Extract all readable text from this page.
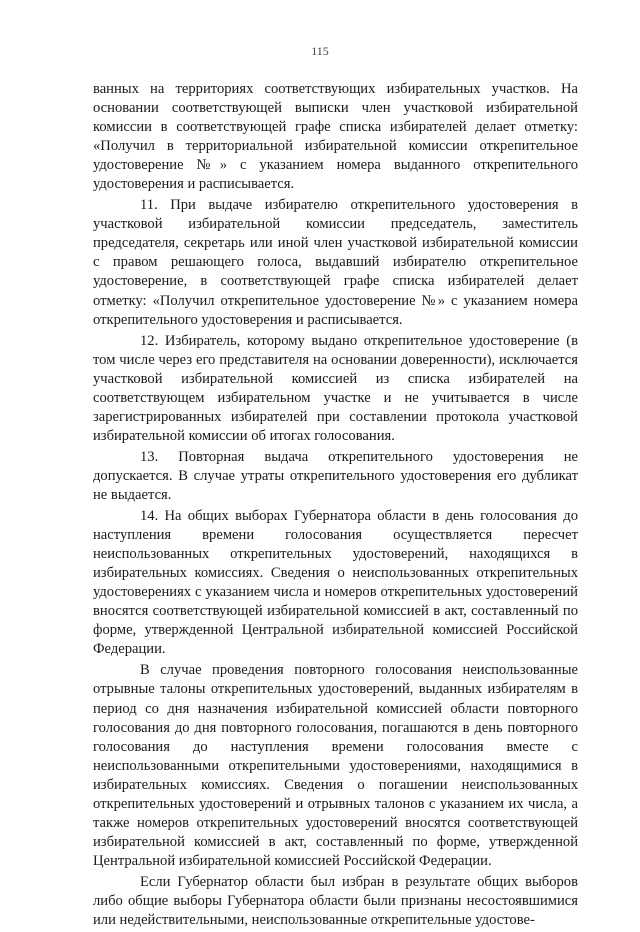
115

ванных на территориях соответствующих избирательных участков. На основании соответствующей выписки член участковой избирательной комиссии в соответствующей графе списка избирателей делает отметку: «Получил в территориальной избирательной комиссии открепительное удостоверение №» с указанием номера выданного открепительного удостоверения и расписывается.

11. При выдаче избирателю открепительного удостоверения в участковой избирательной комиссии председатель, заместитель председателя, секретарь или иной член участковой избирательной комиссии с правом решающего голоса, выдавший избирателю открепительное удостоверение, в соответствующей графе списка избирателей делает отметку: «Получил открепительное удостоверение №» с указанием номера открепительного удостоверения и расписывается.

12. Избиратель, которому выдано открепительное удостоверение (в том числе через его представителя на основании доверенности), исключается участковой избирательной комиссией из списка избирателей на соответствующем избирательном участке и не учитывается в числе зарегистрированных избирателей при составлении протокола участковой избирательной комиссии об итогах голосования.

13. Повторная выдача открепительного удостоверения не допускается. В случае утраты открепительного удостоверения его дубликат не выдается.

14. На общих выборах Губернатора области в день голосования до наступления времени голосования осуществляется пересчет неиспользованных открепительных удостоверений, находящихся в избирательных комиссиях. Сведения о неиспользованных открепительных удостоверениях с указанием числа и номеров открепительных удостоверений вносятся соответствующей избирательной комиссией в акт, составленный по форме, утвержденной Центральной избирательной комиссией Российской Федерации.

В случае проведения повторного голосования неиспользованные отрывные талоны открепительных удостоверений, выданных избирателям в период со дня назначения избирательной комиссией области повторного голосования до дня повторного голосования, погашаются в день повторного голосования до наступления времени голосования вместе с неиспользованными открепительными удостоверениями, находящимися в избирательных комиссиях. Сведения о погашении неиспользованных открепительных удостоверений и отрывных талонов с указанием их числа, а также номеров открепительных удостоверений вносятся соответствующей избирательной комиссией в акт, составленный по форме, утвержденной Центральной избирательной комиссией Российской Федерации.

Если Губернатор области был избран в результате общих выборов либо общие выборы Губернатора области были признаны несостоявшимися или недействительными, неиспользованные открепительные удостове-
